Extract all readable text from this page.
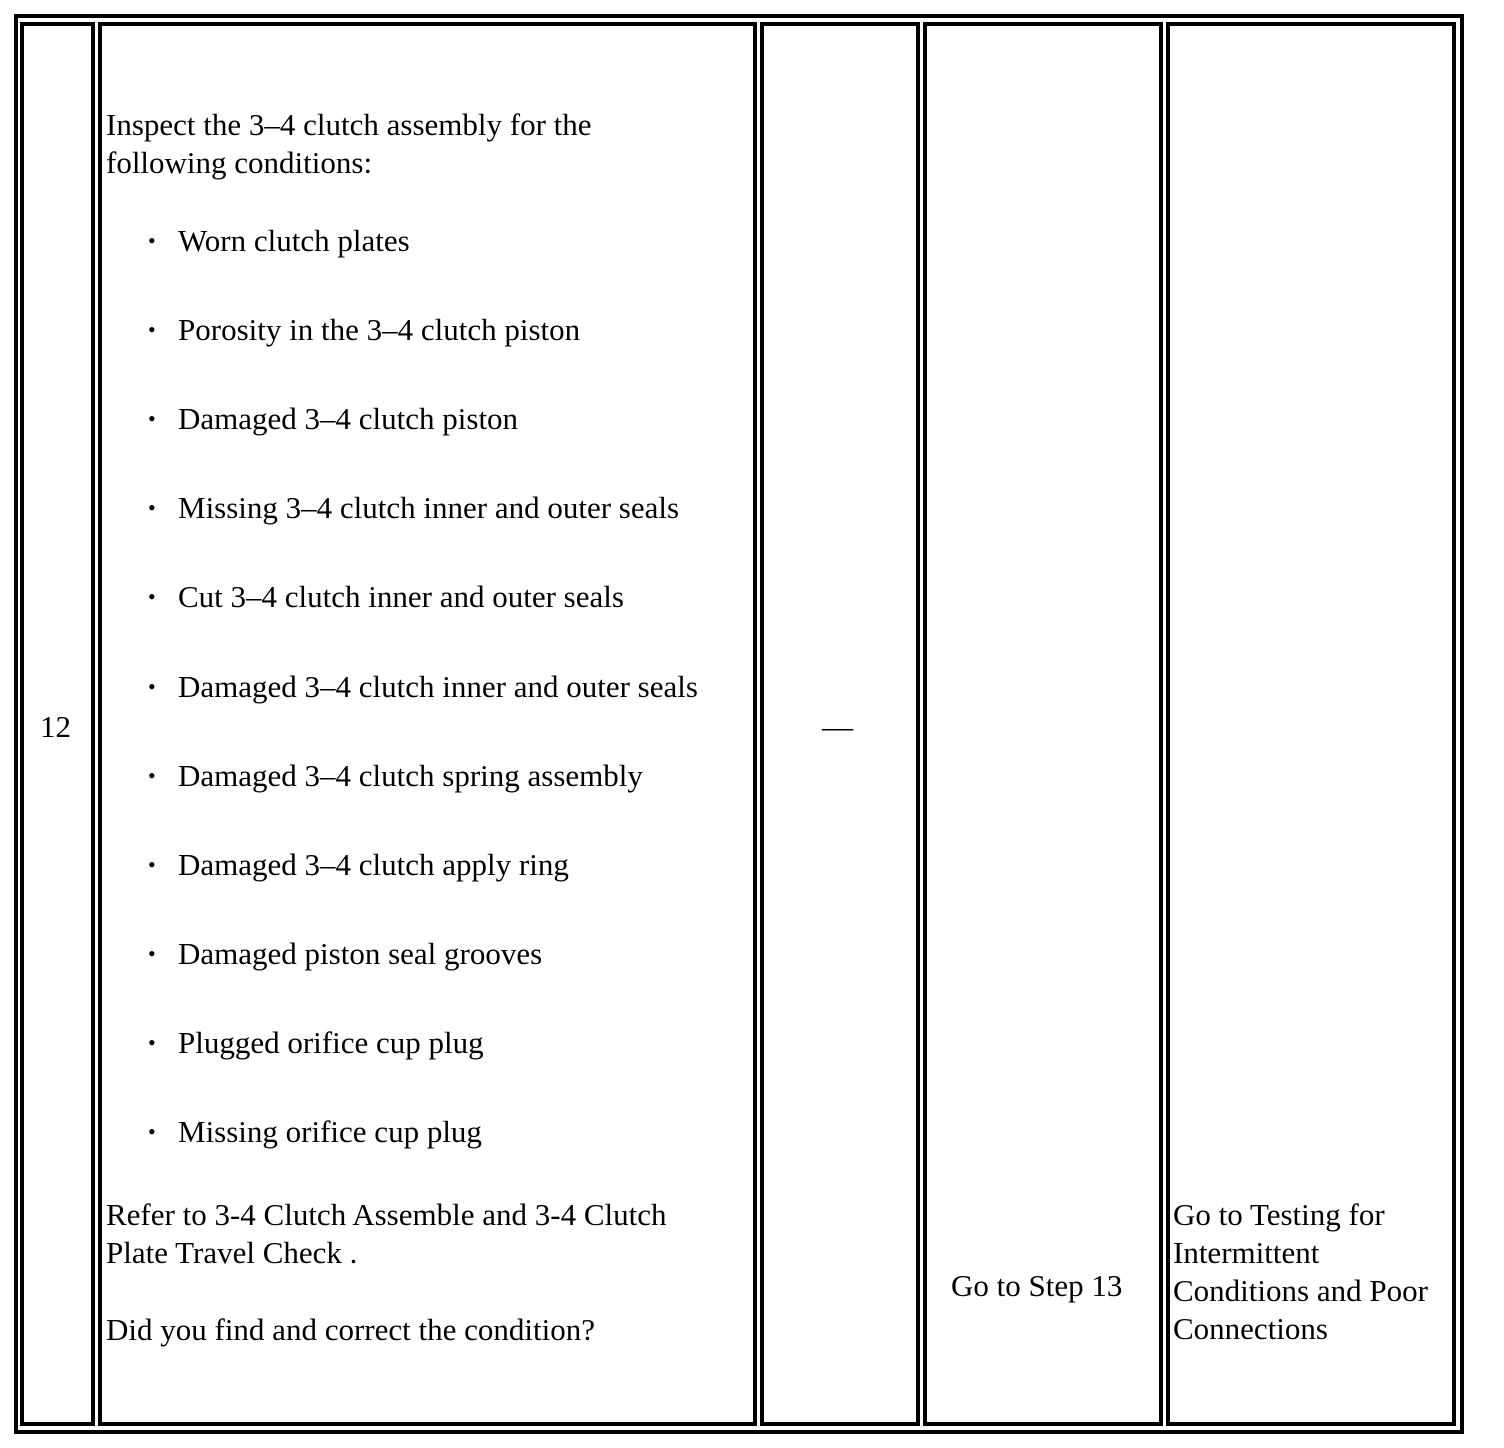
12
Inspect the 3–4 clutch assembly for the
following conditions:
• Worn clutch plates
• Porosity in the 3–4 clutch piston
• Damaged 3–4 clutch piston
• Missing 3–4 clutch inner and outer seals
• Cut 3–4 clutch inner and outer seals
• Damaged 3–4 clutch inner and outer seals
• Damaged 3–4 clutch spring assembly
• Damaged 3–4 clutch apply ring
• Damaged piston seal grooves
• Plugged orifice cup plug
• Missing orifice cup plug
Refer to 3-4 Clutch Assemble and 3-4 Clutch
Plate Travel Check .
Did you find and correct the condition?
—
Go to Step 13
Go to Testing for
Intermittent
Conditions and Poor
Connections
